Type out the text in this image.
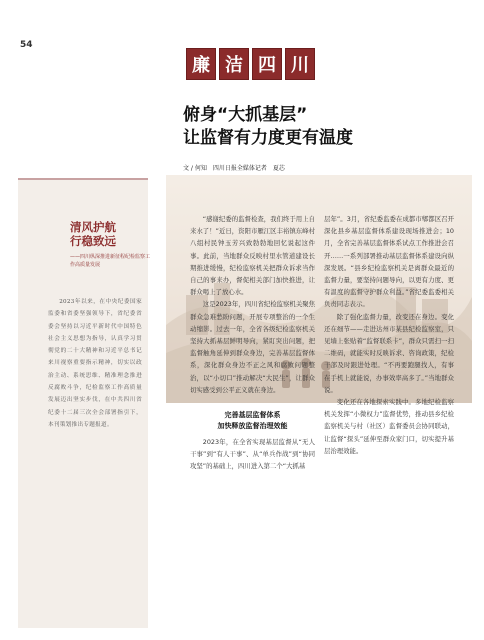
54
廉 洁 四 川
俯身“大抓基层”
让监督有力度更有温度
文 / 何知　四川日报全媒体记者　夏芯
清风护航
行稳致远
——四川纵深推进新征程纪检监察工作高质量发展
2023年以来，在中央纪委国家监委和省委坚强领导下，省纪委省委会坚持以习近平新时代中国特色社会主义思想为指导，认真学习贯彻党的二十大精神和习近平总书记来川视察重要指示精神，切实以政治主动、系统思维、精准理念推进反腐败斗争，纪检监察工作高质量发展迈出坚实步伐，在中共四川省纪委十二届三次全会部署指引下，本刊策划推出专题报道。

“感谢纪委的监督检查，我们终于用上自来水了！”近日，资阳市雁江区丰裕镇东峰村八组村民钟玉芳兴致勃勃地回忆说起这件事。此前，当地群众反映村里水管道建设长期推进缓慢，纪检监察机关把群众诉求当作自己的事来办，督促相关部门加快推进，让群众喝上了放心水。

这是2023年，四川省纪检监察机关聚焦群众急难愁盼问题，开展专项整治的一个生动缩影。过去一年，全省各级纪检监察机关坚持大抓基层鲜明导向，紧盯突出问题，把监督触角延伸到群众身边，完善基层监督体系，深化群众身边不正之风和腐败问题整治，以“小切口”推动解决“大民生”，让群众切实感受到公平正义就在身边。

完善基层监督体系
加快释放监督治理效能

2023年，在全省实现基层监督从“无人干事”到“有人干事”、从“单兵作战”到“协同攻坚”的基础上，四川进入第二个“大抓基

层年”。3月，省纪委监委在成都市郫都区召开深化县乡基层监督体系建设现场推进会；10月，全省完善基层监督体系试点工作推进会召开……一系列部署推动基层监督体系建设向纵深发展。“县乡纪检监察机关是离群众最近的监督力量，要坚持问题导向，以更有力度、更有温度的监督守护群众利益。”省纪委监委相关负责同志表示。

除了强化监督力量，改变还在身边。变化还在细节——走进达州市某县纪检监察室，只见墙上张贴着“监督联系卡”，群众只需扫一扫二维码，就能实时反映诉求、咨询政策，纪检干部及时跟进处理。“不再要跑腿找人，有事在手机上就能说，办事效率高多了。”当地群众说。

变化还在各地探索实践中。多地纪检监察机关发挥“小微权力”监督优势，推动县乡纪检监察机关与村（社区）监督委员会协同联动，让监督“探头”延伸至群众家门口，切实提升基层治理效能。
